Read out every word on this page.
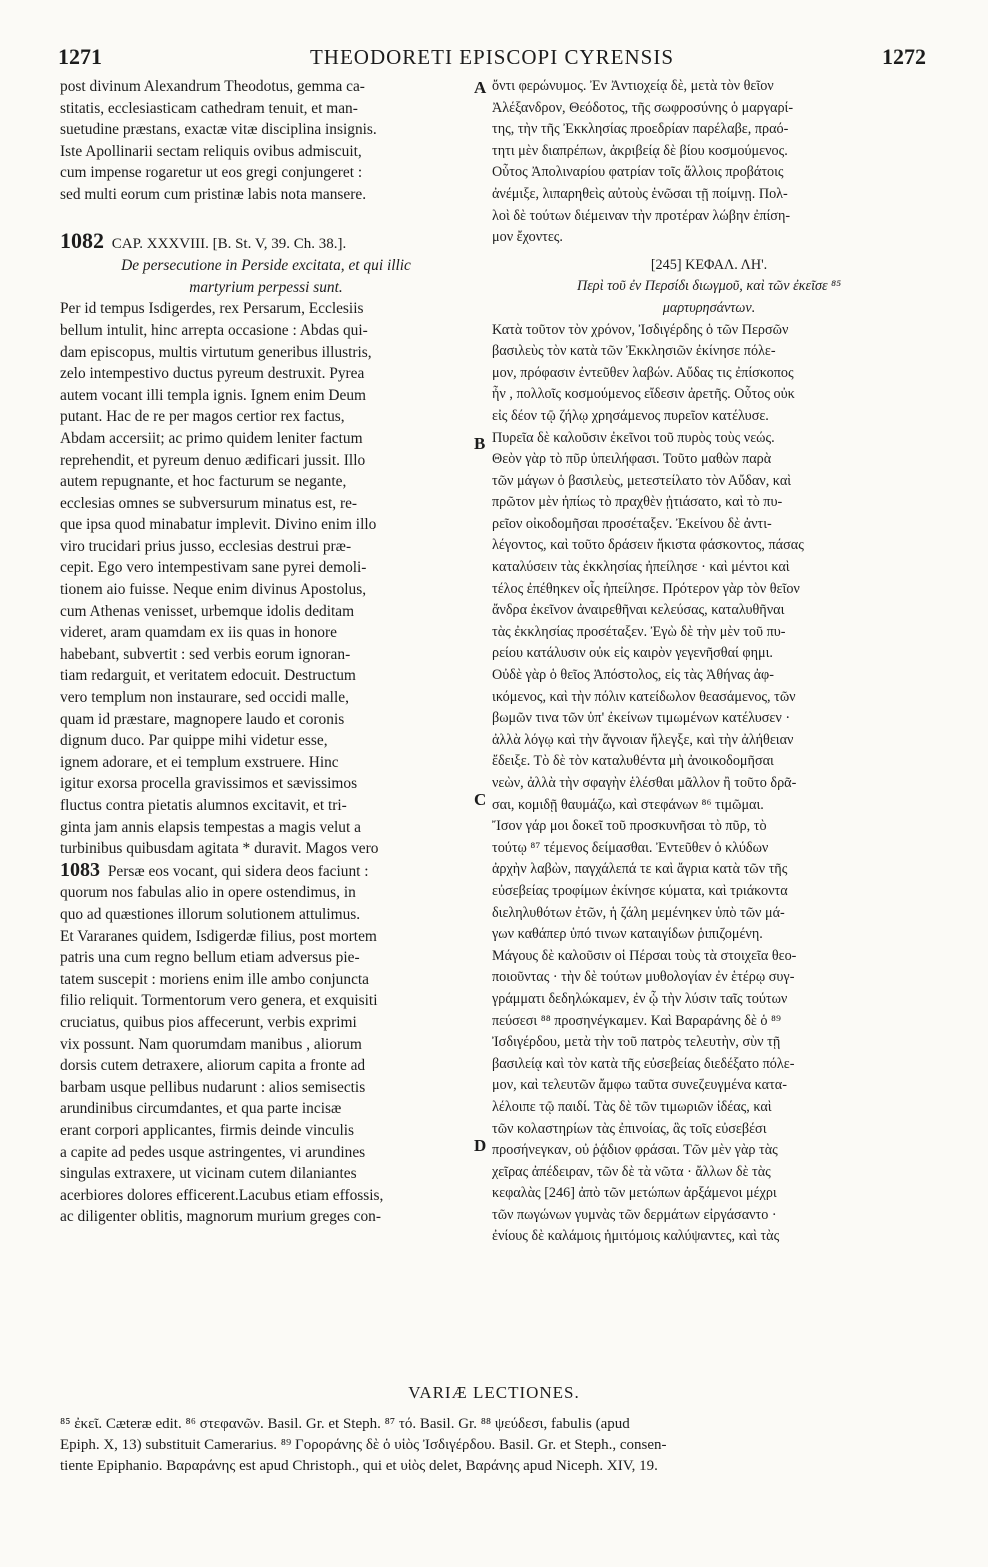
1271	THEODORETI EPISCOPI CYRENSIS	1272
A
B
C
D
post divinum Alexandrum Theodotus, gemma ca-
stitatis, ecclesiasticam cathedram tenuit, et man-
suetudine præstans, exactæ vitæ disciplina insignis.
Iste Apollinarii sectam reliquis ovibus admiscuit,
cum impense rogaretur ut eos gregi conjungeret :
sed multi eorum cum pristinæ labis nota mansere.
1082 CAP. XXXVIII. [B. St. V, 39. Ch. 38.].
De persecutione in Perside excitata, et qui illic
martyrium perpessi sunt.
Per id tempus Isdigerdes, rex Persarum, Ecclesiis
bellum intulit, hinc arrepta occasione : Abdas qui-
dam episcopus, multis virtutum generibus illustris,
zelo intempestivo ductus pyreum destruxit. Pyrea
autem vocant illi templa ignis. Ignem enim Deum
putant. Hac de re per magos certior rex factus,
Abdam accersiit; ac primo quidem leniter factum
reprehendit, et pyreum denuo ædificari jussit. Illo
autem repugnante, et hoc facturum se negante,
ecclesias omnes se subversurum minatus est, re-
que ipsa quod minabatur implevit. Divino enim illo
viro trucidari prius jusso, ecclesias destrui præ-
cepit. Ego vero intempestivam sane pyrei demoli-
tionem aio fuisse. Neque enim divinus Apostolus,
cum Athenas venisset, urbemque idolis deditam
videret, aram quamdam ex iis quas in honore
habebant, subvertit : sed verbis eorum ignoran-
tiam redarguit, et veritatem edocuit. Destructum
vero templum non instaurare, sed occidi malle,
quam id præstare, magnopere laudo et coronis
dignum duco. Par quippe mihi videtur esse,
ignem adorare, et ei templum exstruere. Hinc
igitur exorsa procella gravissimos et sævissimos
fluctus contra pietatis alumnos excitavit, et tri-
ginta jam annis elapsis tempestas a magis velut a
turbinibus quibusdam agitata * duravit. Magos vero
1083 Persæ eos vocant, qui sidera deos faciunt :
quorum nos fabulas alio in opere ostendimus, in
quo ad quæstiones illorum solutionem attulimus.
Et Vararanes quidem, Isdigerdæ filius, post mortem
patris una cum regno bellum etiam adversus pie-
tatem suscepit : moriens enim ille ambo conjuncta
filio reliquit. Tormentorum vero genera, et exquisiti
cruciatus, quibus pios affecerunt, verbis exprimi
vix possunt. Nam quorumdam manibus , aliorum
dorsis cutem detraxere, aliorum capita a fronte ad
barbam usque pellibus nudarunt : alios semisectis
arundinibus circumdantes, et qua parte incisæ
erant corpori applicantes, firmis deinde vinculis
a capite ad pedes usque astringentes, vi arundines
singulas extraxere, ut vicinam cutem dilaniantes
acerbiores dolores efficerent.Lacubus etiam effossis,
ac diligenter oblitis, magnorum murium greges con-
ὄντι φερώνυμος. Ἐν Ἀντιοχείᾳ δὲ, μετὰ τὸν θεῖον
Ἀλέξανδρον, Θεόδοτος, τῆς σωφροσύνης ὁ μαργαρί-
της, τὴν τῆς Ἐκκλησίας προεδρίαν παρέλαβε, πραό-
τητι μὲν διαπρέπων, ἀκριβείᾳ δὲ βίου κοσμούμενος.
Οὗτος Ἀπολιναρίου φατρίαν τοῖς ἄλλοις προβάτοις
ἀνέμιξε, λιπαρηθεὶς αὐτοὺς ἑνῶσαι τῇ ποίμνῃ. Πολ-
λοὶ δὲ τούτων διέμειναν τὴν προτέραν λώβην ἐπίση-
μον ἔχοντες.
[245] ΚΕΦΑΛ. ΛΗ'.
Περὶ τοῦ ἐν Περσίδι διωγμοῦ, καὶ τῶν ἐκεῖσε ⁸⁵
μαρτυρησάντων.
Κατὰ τοῦτον τὸν χρόνον, Ἰσδιγέρδης ὁ τῶν Περσῶν
βασιλεὺς τὸν κατὰ τῶν Ἐκκλησιῶν ἐκίνησε πόλε-
μον, πρόφασιν ἐντεῦθεν λαβών. Αὔδας τις ἐπίσκοπος
ἦν , πολλοῖς κοσμούμενος εἴδεσιν ἀρετῆς. Οὗτος οὐκ
εἰς δέον τῷ ζήλῳ χρησάμενος πυρεῖον κατέλυσε.
Πυρεῖα δὲ καλοῦσιν ἐκεῖνοι τοῦ πυρὸς τοὺς νεώς.
Θεὸν γὰρ τὸ πῦρ ὑπειλήφασι. Τοῦτο μαθὼν παρὰ
τῶν μάγων ὁ βασιλεὺς, μετεστείλατο τὸν Αὔδαν, καὶ
πρῶτον μὲν ἠπίως τὸ πραχθὲν ᾐτιάσατο, καὶ τὸ πυ-
ρεῖον οἰκοδομῆσαι προσέταξεν. Ἐκείνου δὲ ἀντι-
λέγοντος, καὶ τοῦτο δράσειν ἥκιστα φάσκοντος, πάσας
καταλύσειν τὰς ἐκκλησίας ἠπείλησε · καὶ μέντοι καὶ
τέλος ἐπέθηκεν οἷς ἠπείλησε. Πρότερον γὰρ τὸν θεῖον
ἄνδρα ἐκεῖνον ἀναιρεθῆναι κελεύσας, καταλυθῆναι
τὰς ἐκκλησίας προσέταξεν. Ἐγὼ δὲ τὴν μὲν τοῦ πυ-
ρείου κατάλυσιν οὐκ εἰς καιρὸν γεγενῆσθαί φημι.
Οὐδὲ γὰρ ὁ θεῖος Ἀπόστολος, εἰς τὰς Ἀθήνας ἀφ-
ικόμενος, καὶ τὴν πόλιν κατείδωλον θεασάμενος, τῶν
βωμῶν τινα τῶν ὑπ' ἐκείνων τιμωμένων κατέλυσεν ·
ἀλλὰ λόγῳ καὶ τὴν ἄγνοιαν ἤλεγξε, καὶ τὴν ἀλήθειαν
ἔδειξε. Τὸ δὲ τὸν καταλυθέντα μὴ ἀνοικοδομῆσαι
νεὼν, ἀλλὰ τὴν σφαγὴν ἑλέσθαι μᾶλλον ἢ τοῦτο δρᾶ-
σαι, κομιδῇ θαυμάζω, καὶ στεφάνων ⁸⁶ τιμῶμαι.
Ἴσον γάρ μοι δοκεῖ τοῦ προσκυνῆσαι τὸ πῦρ, τὸ
τούτῳ ⁸⁷ τέμενος δείμασθαι. Ἐντεῦθεν ὁ κλύδων
ἀρχὴν λαβὼν, παγχάλεπά τε καὶ ἄγρια κατὰ τῶν τῆς
εὐσεβείας τροφίμων ἐκίνησε κύματα, καὶ τριάκοντα
διεληλυθότων ἐτῶν, ἡ ζάλη μεμένηκεν ὑπὸ τῶν μά-
γων καθάπερ ὑπό τινων καταιγίδων ῥιπιζομένη.
Μάγους δὲ καλοῦσιν οἱ Πέρσαι τοὺς τὰ στοιχεῖα θεο-
ποιοῦντας · τὴν δὲ τούτων μυθολογίαν ἐν ἑτέρῳ συγ-
γράμματι δεδηλώκαμεν, ἐν ᾧ τὴν λύσιν ταῖς τούτων
πεύσεσι ⁸⁸ προσηνέγκαμεν. Καὶ Βαραράνης δὲ ὁ ⁸⁹
Ἰσδιγέρδου, μετὰ τὴν τοῦ πατρὸς τελευτὴν, σὺν τῇ
βασιλείᾳ καὶ τὸν κατὰ τῆς εὐσεβείας διεδέξατο πόλε-
μον, καὶ τελευτῶν ἄμφω ταῦτα συνεζευγμένα κατα-
λέλοιπε τῷ παιδί. Τὰς δὲ τῶν τιμωριῶν ἰδέας, καὶ
τῶν κολαστηρίων τὰς ἐπινοίας, ἃς τοῖς εὐσεβέσι
προσήνεγκαν, οὐ ῥᾴδιον φράσαι. Τῶν μὲν γὰρ τὰς
χεῖρας ἀπέδειραν, τῶν δὲ τὰ νῶτα · ἄλλων δὲ τὰς
κεφαλὰς [246] ἀπὸ τῶν μετώπων ἀρξάμενοι μέχρι
τῶν πωγώνων γυμνὰς τῶν δερμάτων εἰργάσαντο ·
ἐνίους δὲ καλάμοις ἡμιτόμοις καλύψαντες, καὶ τὰς
VARIÆ LECTIONES.
⁸⁵ ἐκεῖ. Cæteræ edit. ⁸⁶ στεφανῶν. Basil. Gr. et Steph. ⁸⁷ τό. Basil. Gr. ⁸⁸ ψεύδεσι, fabulis (apud
Epiph. X, 13) substituit Camerarius. ⁸⁹ Γοροράνης δὲ ὁ υἱὸς Ἰσδιγέρδου. Basil. Gr. et Steph., consen-
tiente Epiphanio. Βαραράνης est apud Christoph., qui et υἱὸς delet, Βαράνης apud Niceph. XIV, 19.
